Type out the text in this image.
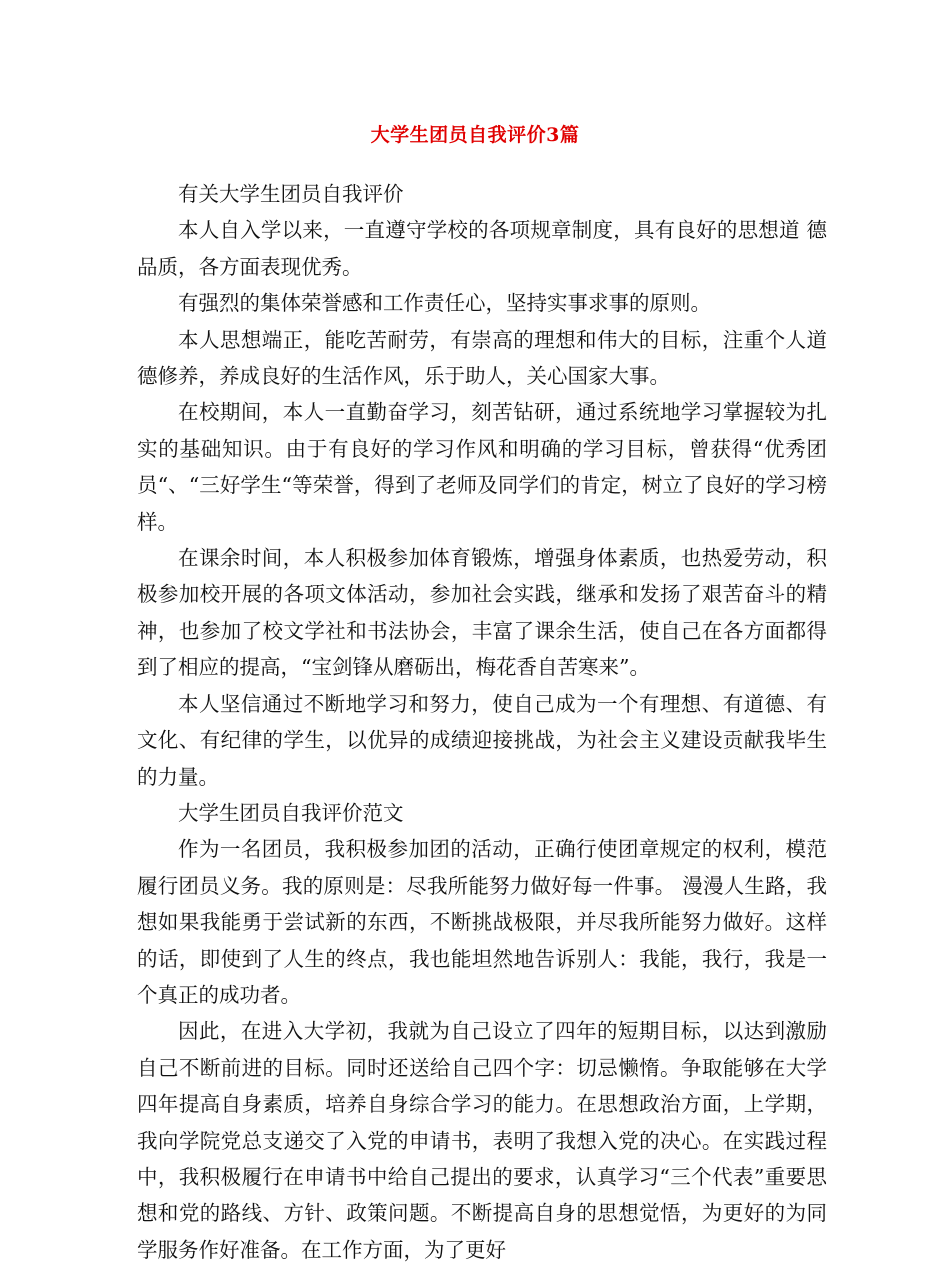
大学生团员自我评价3篇

有关大学生团员自我评价

本人自入学以来，一直遵守学校的各项规章制度，具有良好的思想道 德品质，各方面表现优秀。

有强烈的集体荣誉感和工作责任心，坚持实事求事的原则。

本人思想端正，能吃苦耐劳，有崇高的理想和伟大的目标，注重个人道德修养，养成良好的生活作风，乐于助人，关心国家大事。

在校期间，本人一直勤奋学习，刻苦钻研，通过系统地学习掌握较为扎实的基础知识。由于有良好的学习作风和明确的学习目标，曾获得“优秀团员“、“三好学生“等荣誉，得到了老师及同学们的肯定，树立了良好的学习榜样。

在课余时间，本人积极参加体育锻炼，增强身体素质，也热爱劳动，积极参加校开展的各项文体活动，参加社会实践，继承和发扬了艰苦奋斗的精神，也参加了校文学社和书法协会，丰富了课余生活，使自己在各方面都得到了相应的提高，“宝剑锋从磨砺出，梅花香自苦寒来”。

本人坚信通过不断地学习和努力，使自己成为一个有理想、有道德、有文化、有纪律的学生，以优异的成绩迎接挑战，为社会主义建设贡献我毕生的力量。

大学生团员自我评价范文

作为一名团员，我积极参加团的活动，正确行使团章规定的权利，模范履行团员义务。我的原则是：尽我所能努力做好每一件事。 漫漫人生路，我想如果我能勇于尝试新的东西，不断挑战极限，并尽我所能努力做好。这样的话，即使到了人生的终点，我也能坦然地告诉别人：我能，我行，我是一个真正的成功者。

因此，在进入大学初，我就为自己设立了四年的短期目标，以达到激励自己不断前进的目标。同时还送给自己四个字：切忌懒惰。争取能够在大学四年提高自身素质，培养自身综合学习的能力。在思想政治方面，上学期，我向学院党总支递交了入党的申请书，表明了我想入党的决心。在实践过程中，我积极履行在申请书中给自己提出的要求，认真学习“三个代表”重要思想和党的路线、方针、政策问题。不断提高自身的思想觉悟，为更好的为同学服务作好准备。在工作方面，为了更好
